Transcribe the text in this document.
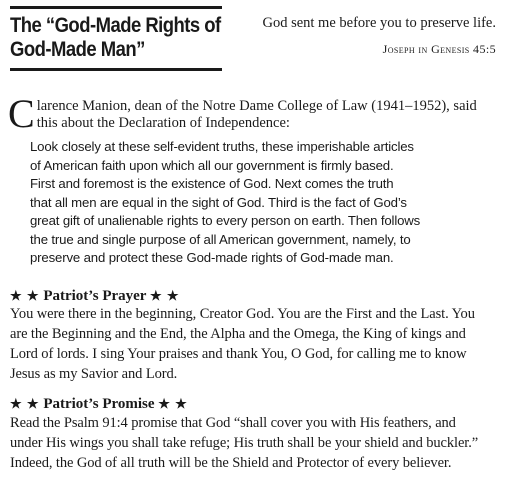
The “God-Made Rights of
God-Made Man”
God sent me before you to preserve life.
Joseph in Genesis 45:5
C larence Manion, dean of the Notre Dame College of Law (1941–1952), said
this about the Declaration of Independence:
Look closely at these self-evident truths, these imperishable articles
of American faith upon which all our government is firmly based.
First and foremost is the existence of God. Next comes the truth
that all men are equal in the sight of God. Third is the fact of God’s
great gift of unalienable rights to every person on earth. Then follows
the true and single purpose of all American government, namely, to
preserve and protect these God-made rights of God-made man.
★ ★ Patriot’s Prayer ★ ★
You were there in the beginning, Creator God. You are the First and the Last. You
are the Beginning and the End, the Alpha and the Omega, the King of kings and
Lord of lords. I sing Your praises and thank You, O God, for calling me to know
Jesus as my Savior and Lord.
★ ★ Patriot’s Promise ★ ★
Read the Psalm 91:4 promise that God “shall cover you with His feathers, and
under His wings you shall take refuge; His truth shall be your shield and buckler.”
Indeed, the God of all truth will be the Shield and Protector of every believer.
